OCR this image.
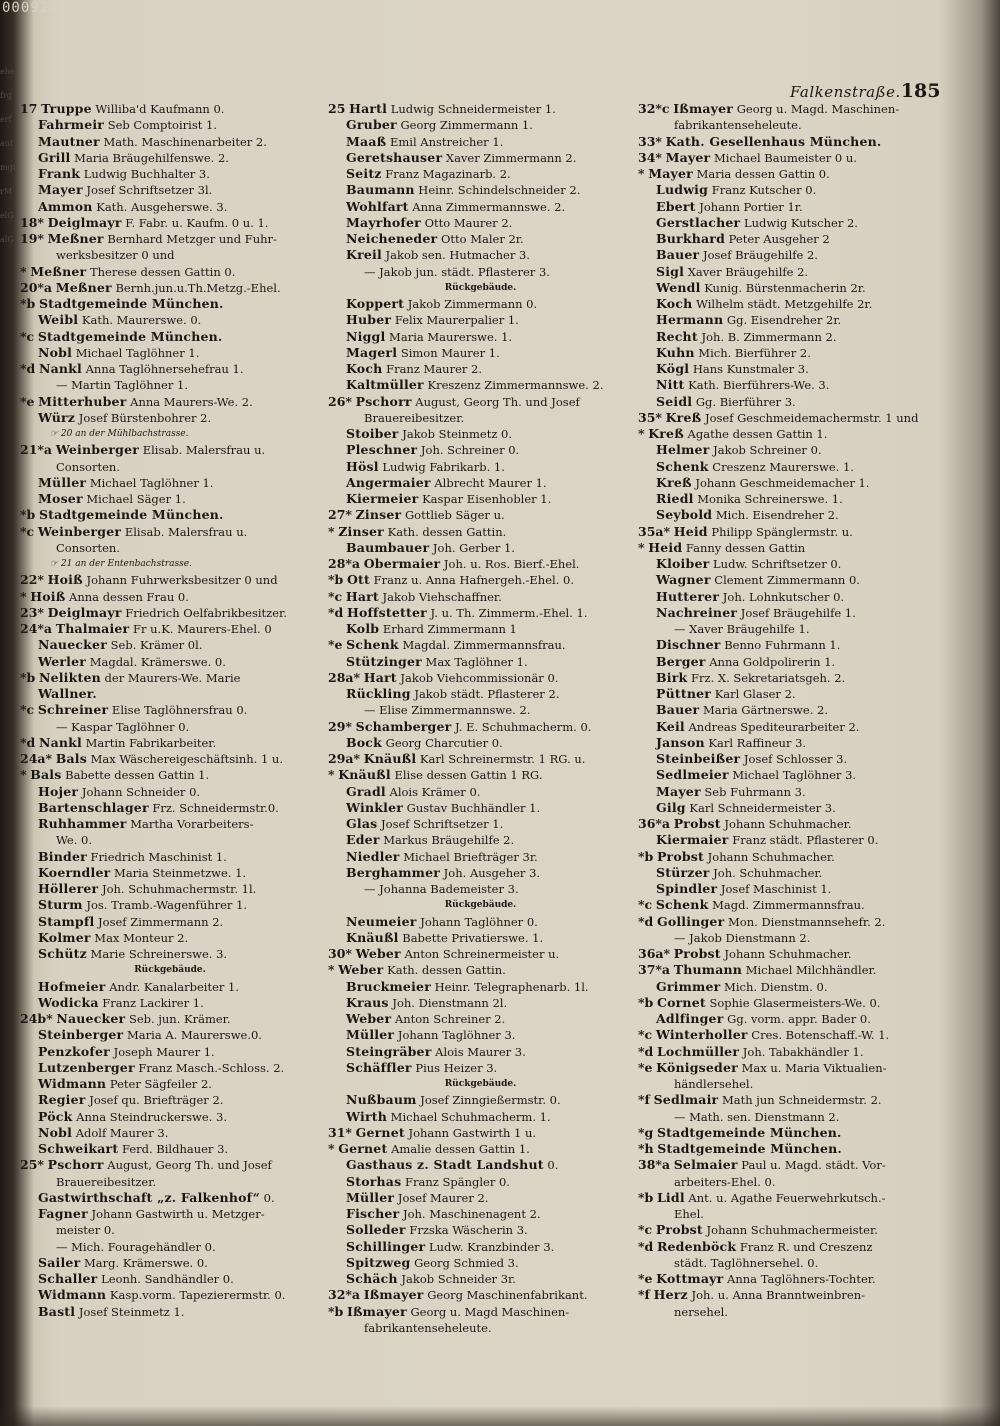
00092427
ehefrgerfaufmgirMelGalG
Falkenstraße. 185
17 Truppe Williba'd Kaufmann 0.
Fahrmeir Seb Comptoirist 1.
Mautner Math. Maschinenarbeiter 2.
Grill Maria Bräugehilfenswe. 2.
Frank Ludwig Buchhalter 3.
Mayer Josef Schriftsetzer 3l.
Ammon Kath. Ausgeherswe. 3.
18* Deiglmayr F. Fabr. u. Kaufm. 0 u. 1.
19* Meßner Bernhard Metzger und Fuhr-
werksbesitzer 0 und
* Meßner Therese dessen Gattin 0.
20*a Meßner Bernh.jun.u.Th.Metzg.-Ehel.
*b Stadtgemeinde München.
Weibl Kath. Maurerswe. 0.
*c Stadtgemeinde München.
Nobl Michael Taglöhner 1.
*d Nankl Anna Taglöhnersehefrau 1.
— Martin Taglöhner 1.
*e Mitterhuber Anna Maurers-We. 2.
Würz Josef Bürstenbohrer 2.
☞ 20 an der Mühlbachstrasse.
21*a Weinberger Elisab. Malersfrau u.
Consorten.
Müller Michael Taglöhner 1.
Moser Michael Säger 1.
*b Stadtgemeinde München.
*c Weinberger Elisab. Malersfrau u.
Consorten.
☞ 21 an der Entenbachstrasse.
22* Hoiß Johann Fuhrwerksbesitzer 0 und
* Hoiß Anna dessen Frau 0.
23* Deiglmayr Friedrich Oelfabrikbesitzer.
24*a Thalmaier Fr u.K. Maurers-Ehel. 0
Nauecker Seb. Krämer 0l.
Werler Magdal. Krämerswe. 0.
*b Nelikten der Maurers-We. Marie
Wallner.
*c Schreiner Elise Taglöhnersfrau 0.
— Kaspar Taglöhner 0.
*d Nankl Martin Fabrikarbeiter.
24a* Bals Max Wäschereigeschäftsinh. 1 u.
* Bals Babette dessen Gattin 1.
Hojer Johann Schneider 0.
Bartenschlager Frz. Schneidermstr.0.
Ruhhammer Martha Vorarbeiters-
We. 0.
Binder Friedrich Maschinist 1.
Koerndler Maria Steinmetzwe. 1.
Höllerer Joh. Schuhmachermstr. 1l.
Sturm Jos. Tramb.-Wagenführer 1.
Stampfl Josef Zimmermann 2.
Kolmer Max Monteur 2.
Schütz Marie Schreinerswe. 3.
Rückgebäude.
Hofmeier Andr. Kanalarbeiter 1.
Wodicka Franz Lackirer 1.
24b* Nauecker Seb. jun. Krämer.
Steinberger Maria A. Maurerswe.0.
Penzkofer Joseph Maurer 1.
Lutzenberger Franz Masch.-Schloss. 2.
Widmann Peter Sägfeiler 2.
Regier Josef qu. Briefträger 2.
Pöck Anna Steindruckerswe. 3.
Nobl Adolf Maurer 3.
Schweikart Ferd. Bildhauer 3.
25* Pschorr August, Georg Th. und Josef
Brauereibesitzer.
Gastwirthschaft „z. Falkenhof“ 0.
Fagner Johann Gastwirth u. Metzger-
meister 0.
— Mich. Fouragehändler 0.
Sailer Marg. Krämerswe. 0.
Schaller Leonh. Sandhändler 0.
Widmann Kasp.vorm. Tapezierermstr. 0.
Bastl Josef Steinmetz 1.
25 Hartl Ludwig Schneidermeister 1.
Gruber Georg Zimmermann 1.
Maaß Emil Anstreicher 1.
Geretshauser Xaver Zimmermann 2.
Seitz Franz Magazinarb. 2.
Baumann Heinr. Schindelschneider 2.
Wohlfart Anna Zimmermannswe. 2.
Mayrhofer Otto Maurer 2.
Neicheneder Otto Maler 2r.
Kreil Jakob sen. Hutmacher 3.
— Jakob jun. städt. Pflasterer 3.
Rückgebäude.
Koppert Jakob Zimmermann 0.
Huber Felix Maurerpalier 1.
Niggl Maria Maurerswe. 1.
Magerl Simon Maurer 1.
Koch Franz Maurer 2.
Kaltmüller Kreszenz Zimmermannswe. 2.
26* Pschorr August, Georg Th. und Josef
Brauereibesitzer.
Stoiber Jakob Steinmetz 0.
Pleschner Joh. Schreiner 0.
Hösl Ludwig Fabrikarb. 1.
Angermaier Albrecht Maurer 1.
Kiermeier Kaspar Eisenhobler 1.
27* Zinser Gottlieb Säger u.
* Zinser Kath. dessen Gattin.
Baumbauer Joh. Gerber 1.
28*a Obermaier Joh. u. Ros. Bierf.-Ehel.
*b Ott Franz u. Anna Hafnergeh.-Ehel. 0.
*c Hart Jakob Viehschaffner.
*d Hoffstetter J. u. Th. Zimmerm.-Ehel. 1.
Kolb Erhard Zimmermann 1
*e Schenk Magdal. Zimmermannsfrau.
Stützinger Max Taglöhner 1.
28a* Hart Jakob Viehcommissionär 0.
Rückling Jakob städt. Pflasterer 2.
— Elise Zimmermannswe. 2.
29* Schamberger J. E. Schuhmacherm. 0.
Bock Georg Charcutier 0.
29a* Knäußl Karl Schreinermstr. 1 RG. u.
* Knäußl Elise dessen Gattin 1 RG.
Gradl Alois Krämer 0.
Winkler Gustav Buchhändler 1.
Glas Josef Schriftsetzer 1.
Eder Markus Bräugehilfe 2.
Niedler Michael Briefträger 3r.
Berghammer Joh. Ausgeher 3.
— Johanna Bademeister 3.
Rückgebäude.
Neumeier Johann Taglöhner 0.
Knäußl Babette Privatierswe. 1.
30* Weber Anton Schreinermeister u.
* Weber Kath. dessen Gattin.
Bruckmeier Heinr. Telegraphenarb. 1l.
Kraus Joh. Dienstmann 2l.
Weber Anton Schreiner 2.
Müller Johann Taglöhner 3.
Steingräber Alois Maurer 3.
Schäffler Pius Heizer 3.
Rückgebäude.
Nußbaum Josef Zinngießermstr. 0.
Wirth Michael Schuhmacherm. 1.
31* Gernet Johann Gastwirth 1 u.
* Gernet Amalie dessen Gattin 1.
Gasthaus z. Stadt Landshut 0.
Storhas Franz Spängler 0.
Müller Josef Maurer 2.
Fischer Joh. Maschinenagent 2.
Solleder Frzska Wäscherin 3.
Schillinger Ludw. Kranzbinder 3.
Spitzweg Georg Schmied 3.
Schäch Jakob Schneider 3r.
32*a Ißmayer Georg Maschinenfabrikant.
*b Ißmayer Georg u. Magd Maschinen-
fabrikantenseheleute.
32*c Ißmayer Georg u. Magd. Maschinen-
fabrikantenseheleute.
33* Kath. Gesellenhaus München.
34* Mayer Michael Baumeister 0 u.
* Mayer Maria dessen Gattin 0.
Ludwig Franz Kutscher 0.
Ebert Johann Portier 1r.
Gerstlacher Ludwig Kutscher 2.
Burkhard Peter Ausgeher 2
Bauer Josef Bräugehilfe 2.
Sigl Xaver Bräugehilfe 2.
Wendl Kunig. Bürstenmacherin 2r.
Koch Wilhelm städt. Metzgehilfe 2r.
Hermann Gg. Eisendreher 2r.
Recht Joh. B. Zimmermann 2.
Kuhn Mich. Bierführer 2.
Kögl Hans Kunstmaler 3.
Nitt Kath. Bierführers-We. 3.
Seidl Gg. Bierführer 3.
35* Kreß Josef Geschmeidemachermstr. 1 und
* Kreß Agathe dessen Gattin 1.
Helmer Jakob Schreiner 0.
Schenk Creszenz Maurerswe. 1.
Kreß Johann Geschmeidemacher 1.
Riedl Monika Schreinerswe. 1.
Seybold Mich. Eisendreher 2.
35a* Heid Philipp Spänglermstr. u.
* Heid Fanny dessen Gattin
Kloiber Ludw. Schriftsetzer 0.
Wagner Clement Zimmermann 0.
Hutterer Joh. Lohnkutscher 0.
Nachreiner Josef Bräugehilfe 1.
— Xaver Bräugehilfe 1.
Dischner Benno Fuhrmann 1.
Berger Anna Goldpolirerin 1.
Birk Frz. X. Sekretariatsgeh. 2.
Püttner Karl Glaser 2.
Bauer Maria Gärtnerswe. 2.
Keil Andreas Spediteurarbeiter 2.
Janson Karl Raffineur 3.
Steinbeißer Josef Schlosser 3.
Sedlmeier Michael Taglöhner 3.
Mayer Seb Fuhrmann 3.
Gilg Karl Schneidermeister 3.
36*a Probst Johann Schuhmacher.
Kiermaier Franz städt. Pflasterer 0.
*b Probst Johann Schuhmacher.
Stürzer Joh. Schuhmacher.
Spindler Josef Maschinist 1.
*c Schenk Magd. Zimmermannsfrau.
*d Gollinger Mon. Dienstmannsehefr. 2.
— Jakob Dienstmann 2.
36a* Probst Johann Schuhmacher.
37*a Thumann Michael Milchhändler.
Grimmer Mich. Dienstm. 0.
*b Cornet Sophie Glasermeisters-We. 0.
Adlfinger Gg. vorm. appr. Bader 0.
*c Winterholler Cres. Botenschaff.-W. 1.
*d Lochmüller Joh. Tabakhändler 1.
*e Königseder Max u. Maria Viktualien-
händlersehel.
*f Sedlmair Math jun Schneidermstr. 2.
— Math. sen. Dienstmann 2.
*g Stadtgemeinde München.
*h Stadtgemeinde München.
38*a Selmaier Paul u. Magd. städt. Vor-
arbeiters-Ehel. 0.
*b Lidl Ant. u. Agathe Feuerwehrkutsch.-
Ehel.
*c Probst Johann Schuhmachermeister.
*d Redenböck Franz R. und Creszenz
städt. Taglöhnersehel. 0.
*e Kottmayr Anna Taglöhners-Tochter.
*f Herz Joh. u. Anna Branntweinbren-
nersehel.
